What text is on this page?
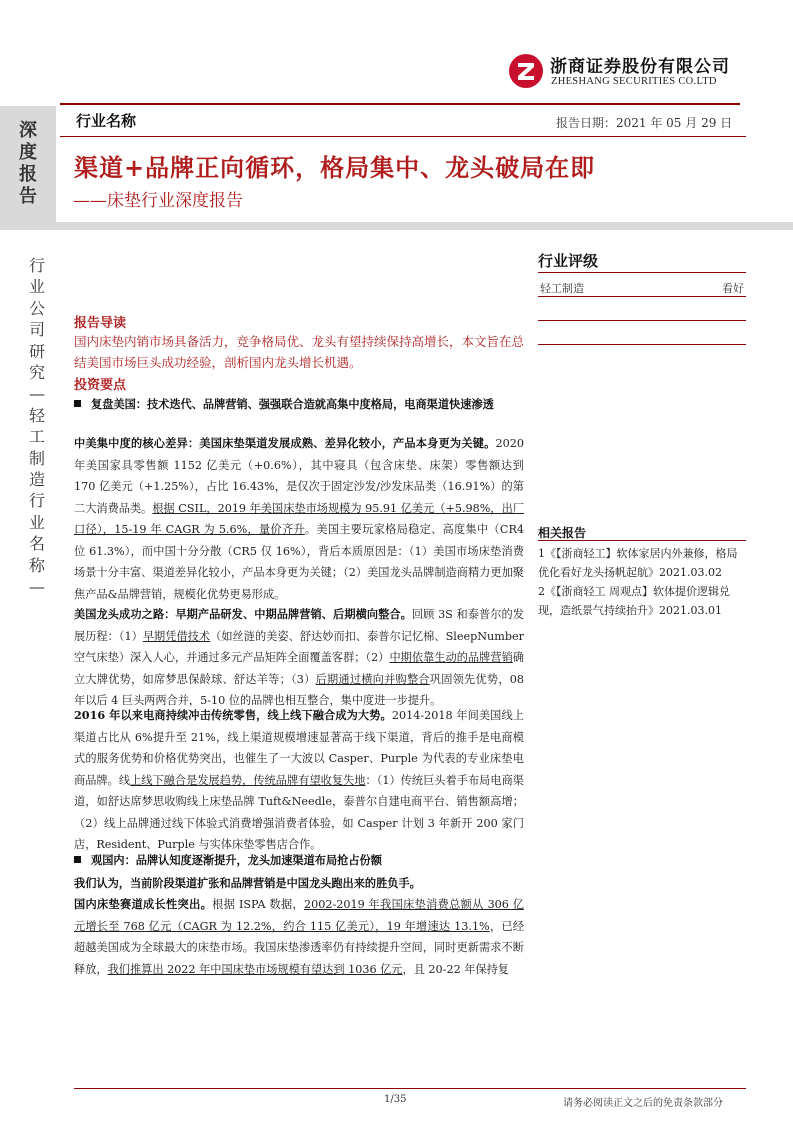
浙商证券股份有限公司
ZHESHANG SECURITIES CO.LTD
深度报告
行业名称	报告日期：2021 年 05 月 29 日
渠道+品牌正向循环，格局集中、龙头破局在即
——床垫行业深度报告
行业公司研究—轻工制造行业名称—
行业评级
轻工制造	看好
相关报告
1《【浙商轻工】软体家居内外兼修，格局优化看好龙头扬帆起航》2021.03.02
2《【浙商轻工 周观点】软体提价逻辑兑现，造纸景气持续抬升》2021.03.01
报告导读
国内床垫内销市场具备活力，竞争格局优、龙头有望持续保持高增长，本文旨在总结美国市场巨头成功经验，剖析国内龙头增长机遇。
投资要点
复盘美国：技术迭代、品牌营销、强强联合造就高集中度格局，电商渠道快速渗透
中美集中度的核心差异：美国床垫渠道发展成熟、差异化较小，产品本身更为关键。2020 年美国家具零售额 1152 亿美元（+0.6%），其中寝具（包含床垫、床架）零售额达到 170 亿美元（+1.25%），占比 16.43%，是仅次于固定沙发/沙发床品类（16.91%）的第二大消费品类。根据 CSIL，2019 年美国床垫市场规模为 95.91 亿美元（+5.98%，出厂口径），15-19 年 CAGR 为 5.6%，量价齐升。美国主要玩家格局稳定、高度集中（CR4 位 61.3%），而中国十分分散（CR5 仅 16%），背后本质原因是：（1）美国市场床垫消费场景十分丰富、渠道差异化较小，产品本身更为关键；（2）美国龙头品牌制造商精力更加聚焦产品&品牌营销，规模化优势更易形成。
美国龙头成功之路：早期产品研发、中期品牌营销、后期横向整合。回顾 3S 和泰普尔的发展历程：（1）早期凭借技术（如丝涟的美姿、舒达妙而扣、泰普尔记忆棉、SleepNumber 空气床垫）深入人心，并通过多元产品矩阵全面覆盖客群；（2）中期依靠生动的品牌营销确立大牌优势，如席梦思保龄球、舒达羊等；（3）后期通过横向并购整合巩固领先优势，08 年以后 4 巨头两两合并，5-10 位的品牌也相互整合，集中度进一步提升。
2016 年以来电商持续冲击传统零售，线上线下融合成为大势。2014-2018 年间美国线上渠道占比从 6%提升至 21%，线上渠道规模增速显著高于线下渠道，背后的推手是电商模式的服务优势和价格优势突出，也催生了一大波以 Casper、Purple 为代表的专业床垫电商品牌。线上线下融合是发展趋势，传统品牌有望收复失地：（1）传统巨头着手布局电商渠道，如舒达席梦思收购线上床垫品牌 Tuft&Needle，泰普尔自建电商平台、销售额高增；（2）线上品牌通过线下体验式消费增强消费者体验，如 Casper 计划 3 年新开 200 家门店，Resident、Purple 与实体床垫零售店合作。
观国内：品牌认知度逐渐提升，龙头加速渠道布局抢占份额
我们认为，当前阶段渠道扩张和品牌营销是中国龙头跑出来的胜负手。
国内床垫赛道成长性突出。根据 ISPA 数据，2002-2019 年我国床垫消费总额从 306 亿元增长至 768 亿元（CAGR 为 12.2%，约合 115 亿美元），19 年增速达 13.1%，已经超越美国成为全球最大的床垫市场。我国床垫渗透率仍有持续提升空间，同时更新需求不断释放，我们推算出 2022 年中国床垫市场规模有望达到 1036 亿元，且 20-22 年保持复
1/35	请务必阅读正文之后的免责条款部分
